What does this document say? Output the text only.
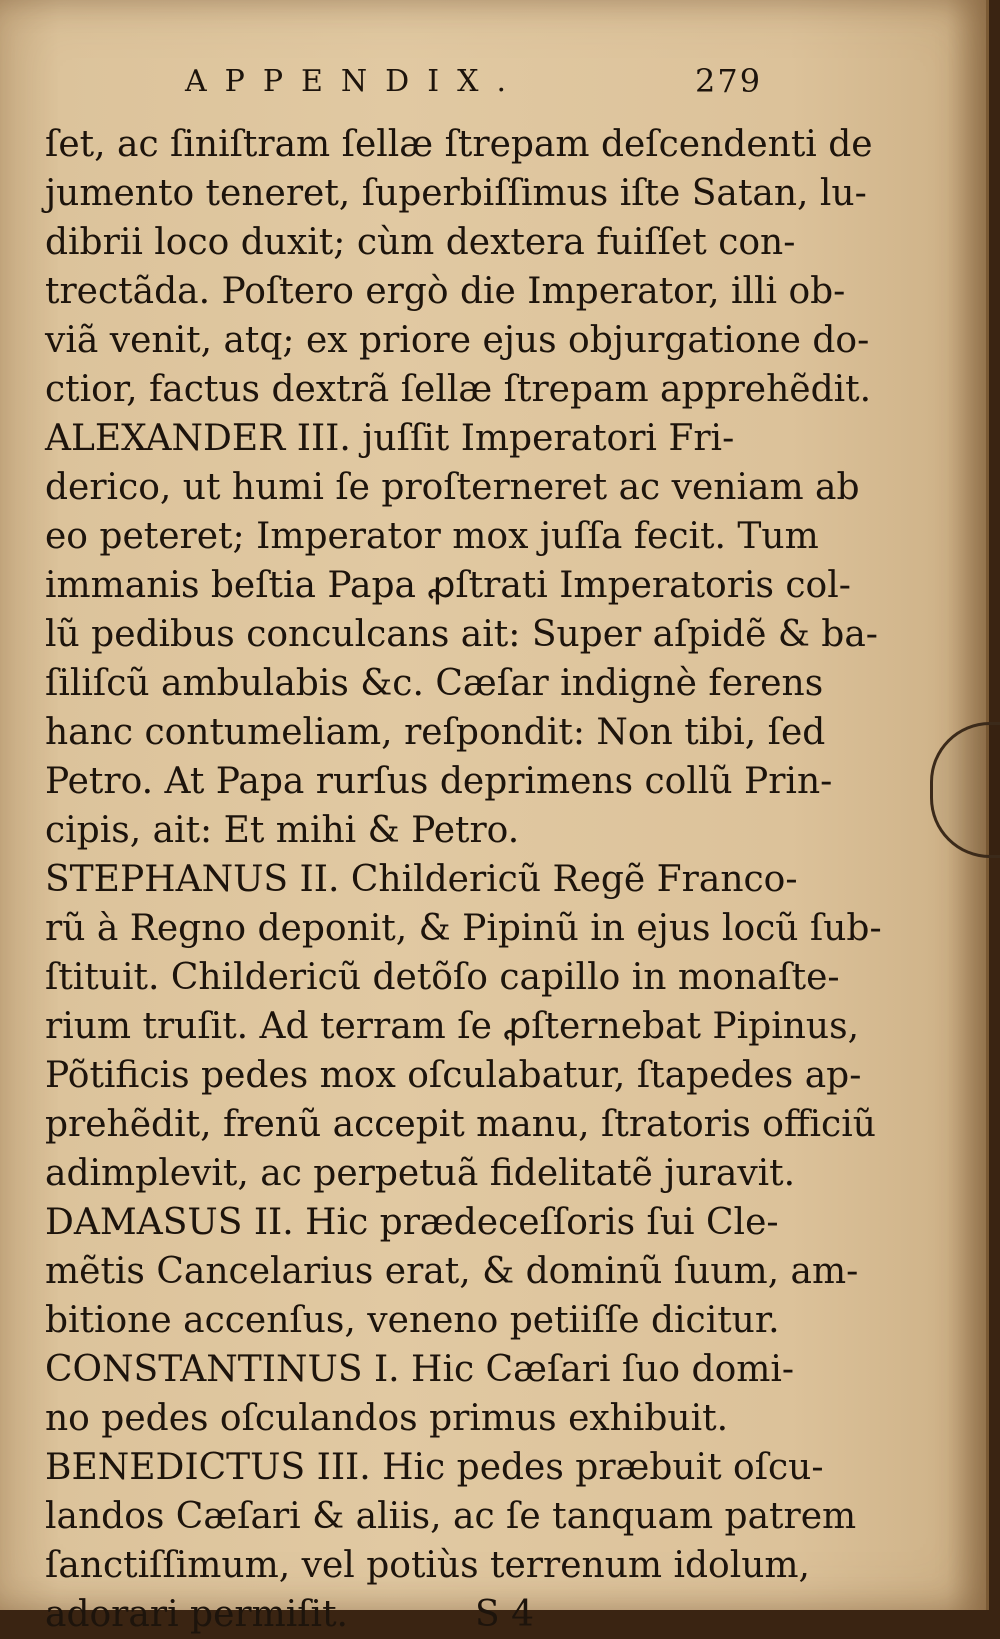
APPENDIX.	279
ſet, ac ſiniſtram ſellæ ſtrepam deſcendenti de
jumento teneret, ſuperbiſſimus iſte Satan, lu-
dibrii loco duxit; cùm dextera fuiſſet con-
trectãda. Poſtero ergò die Imperator, illi ob-
viã venit, atq; ex priore ejus objurgatione do-
ctior, factus dextrã ſellæ ſtrepam apprehẽdit.
ALEXANDER III. juſſit Imperatori Fri-
derico, ut humi ſe proſterneret ac veniam ab
eo peteret; Imperator mox juſſa fecit. Tum
immanis beſtia Papa ꝓſtrati Imperatoris col-
lũ pedibus conculcans ait: Super aſpidẽ & ba-
ſiliſcũ ambulabis &c. Cæſar indignè ferens
hanc contumeliam, reſpondit: Non tibi, ſed
Petro. At Papa rurſus deprimens collũ Prin-
cipis, ait: Et mihi & Petro.
STEPHANUS II. Childericũ Regẽ Franco-
rũ à Regno deponit, & Pipinũ in ejus locũ ſub-
ſtituit. Childericũ detõſo capillo in monaſte-
rium truſit. Ad terram ſe ꝓſternebat Pipinus,
Põtificis pedes mox oſculabatur, ſtapedes ap-
prehẽdit, frenũ accepit manu, ſtratoris officiũ
adimplevit, ac perpetuã fidelitatẽ juravit.
DAMASUS II. Hic prædeceſſoris ſui Cle-
mẽtis Cancelarius erat, & dominũ ſuum, am-
bitione accenſus, veneno petiiſſe dicitur.
CONSTANTINUS I. Hic Cæſari ſuo domi-
no pedes oſculandos primus exhibuit.
BENEDICTUS III. Hic pedes præbuit oſcu-
landos Cæſari & aliis, ac ſe tanquam patrem
ſanctiſſimum, vel potiùs terrenum idolum,
adorari permiſit.	S 4
